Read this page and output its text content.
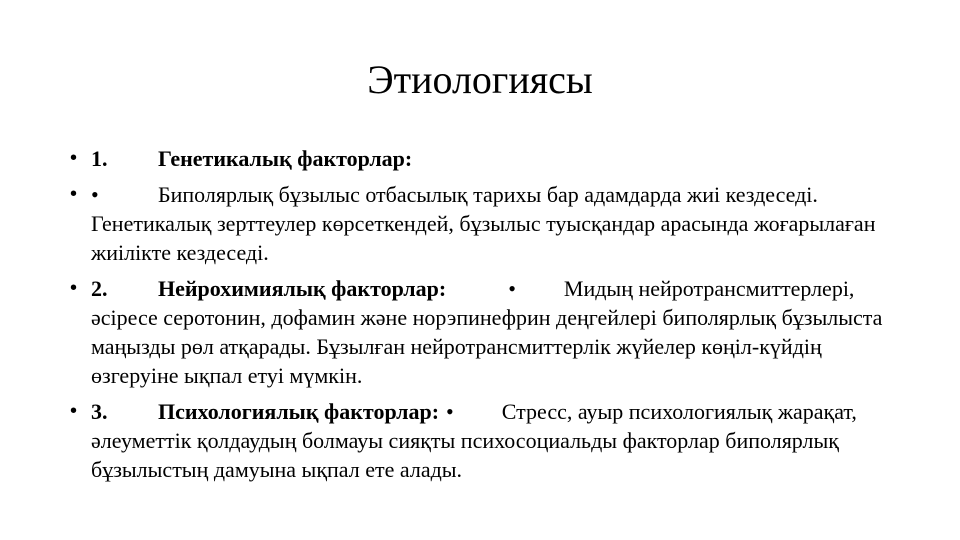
Этиологиясы
• 1. Генетикалық факторлар:
• •	Биполярлық бұзылыс отбасылық тарихы бар адамдарда жиі кездеседі. Генетикалық зерттеулер көрсеткендей, бұзылыс туысқандар арасында жоғарылаған жиілікте кездеседі.
• 2. Нейрохимиялық факторлар:	• Мидың нейротрансмиттерлері, әсіресе серотонин, дофамин және норэпинефрин деңгейлері биполярлық бұзылыста маңызды рөл атқарады. Бұзылған нейротрансмиттерлік жүйелер көңіл-күйдің өзгеруіне ықпал етуі мүмкін.
• 3. Психологиялық факторлар: • Стресс, ауыр психологиялық жарақат, әлеуметтік қолдаудың болмауы сияқты психосоциальды факторлар биполярлық бұзылыстың дамуына ықпал ете алады.
